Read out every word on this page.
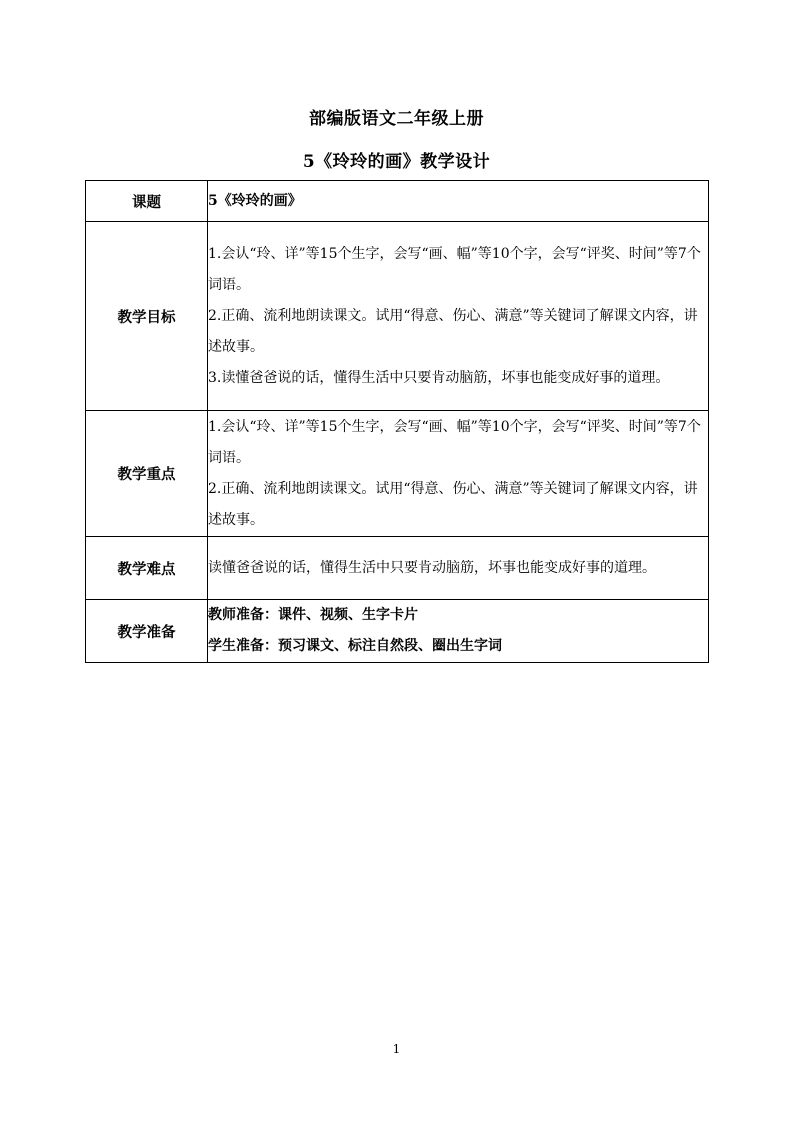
部编版语文二年级上册
5《玲玲的画》教学设计
课题	5《玲玲的画》
教学目标	1.会认“玲、详”等15个生字，会写“画、幅”等10个字，会写“评奖、时间”等7个词语。

2.正确、流利地朗读课文。试用“得意、伤心、满意”等关键词了解课文内容，讲述故事。

3.读懂爸爸说的话，懂得生活中只要肯动脑筋，坏事也能变成好事的道理。

教学重点	1.会认“玲、详”等15个生字，会写“画、幅”等10个字，会写“评奖、时间”等7个词语。

2.正确、流利地朗读课文。试用“得意、伤心、满意”等关键词了解课文内容，讲述故事。

教学难点	读懂爸爸说的话，懂得生活中只要肯动脑筋，坏事也能变成好事的道理。

教学准备	教师准备：课件、视频、生字卡片

学生准备：预习课文、标注自然段、圈出生字词

1
